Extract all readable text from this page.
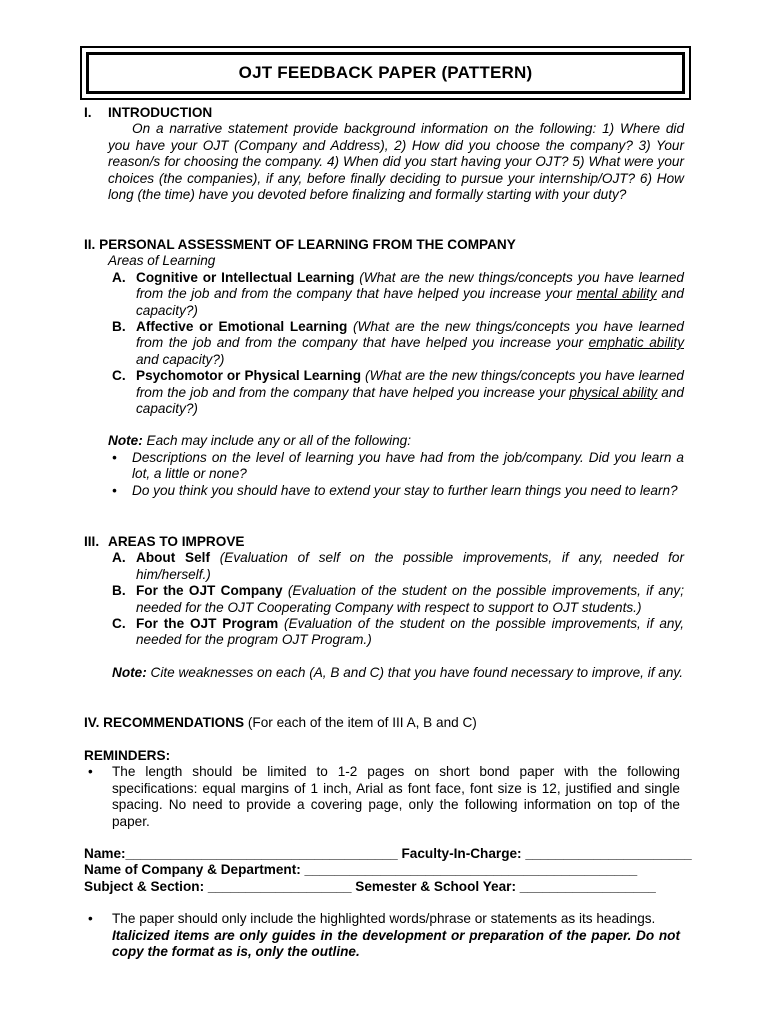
OJT FEEDBACK PAPER (PATTERN)
I. INTRODUCTION
On a narrative statement provide background information on the following: 1) Where did you have your OJT (Company and Address), 2) How did you choose the company? 3) Your reason/s for choosing the company. 4) When did you start having your OJT? 5) What were your choices (the companies), if any, before finally deciding to pursue your internship/OJT? 6) How long (the time) have you devoted before finalizing and formally starting with your duty?
II. PERSONAL ASSESSMENT OF LEARNING FROM THE COMPANY
Areas of Learning
A. Cognitive or Intellectual Learning (What are the new things/concepts you have learned from the job and from the company that have helped you increase your mental ability and capacity?)
B. Affective or Emotional Learning (What are the new things/concepts you have learned from the job and from the company that have helped you increase your emphatic ability and capacity?)
C. Psychomotor or Physical Learning (What are the new things/concepts you have learned from the job and from the company that have helped you increase your physical ability and capacity?)
Note: Each may include any or all of the following:
• Descriptions on the level of learning you have had from the job/company. Did you learn a lot, a little or none?
• Do you think you should have to extend your stay to further learn things you need to learn?
III. AREAS TO IMPROVE
A. About Self (Evaluation of self on the possible improvements, if any, needed for him/herself.)
B. For the OJT Company (Evaluation of the student on the possible improvements, if any; needed for the OJT Cooperating Company with respect to support to OJT students.)
C. For the OJT Program (Evaluation of the student on the possible improvements, if any, needed for the program OJT Program.)
Note: Cite weaknesses on each (A, B and C) that you have found necessary to improve, if any.
IV. RECOMMENDATIONS (For each of the item of III A, B and C)
REMINDERS:
• The length should be limited to 1-2 pages on short bond paper with the following specifications: equal margins of 1 inch, Arial as font face, font size is 12, justified and single spacing. No need to provide a covering page, only the following information on top of the paper.
Name:____________________________________ Faculty-In-Charge: ______________________
Name of Company & Department: ____________________________________________
Subject & Section: ___________________ Semester & School Year: __________________
• The paper should only include the highlighted words/phrase or statements as its headings.
Italicized items are only guides in the development or preparation of the paper. Do not copy the format as is, only the outline.
